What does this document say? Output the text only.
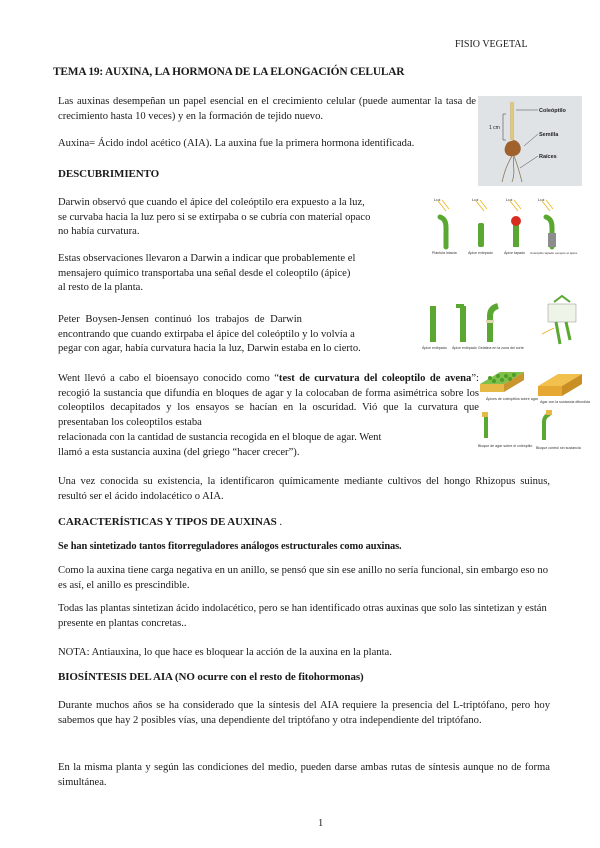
FISIO VEGETAL
TEMA 19: AUXINA, LA HORMONA DE LA ELONGACIÓN CELULAR

Las auxinas desempeñan un papel esencial en el crecimiento celular (puede aumentar la tasa de crecimiento hasta 10 veces) y en la formación de tejido nuevo.

Auxina= Ácido indol acético (AIA). La auxina fue la primera hormona identificada.

1 cm
Coleóptilo
Semilla
Raíces
DESCUBRIMIENTO

Darwin observó que cuando el ápice del coleóptilo era expuesto a la luz,
se curvaba hacia la luz pero si se extirpaba o se cubría con material opaco
no había curvatura.

Estas observaciones llevaron a Darwin a indicar que probablemente el
mensajero químico transportaba una señal desde el coleoptilo (ápice)
al resto de la planta.

Luz	Luz	Luz	Luz
Plántula intacta	Ápice extirpado	Ápice tapado Coleóptilo tapado excepto el ápice

Peter Boysen-Jensen continuó los trabajos de Darwin
encontrando que cuando extirpaba el ápice del coleóptilo y lo volvía a
pegar con agar, había curvatura hacia la luz, Darwin estaba en lo cierto.	Ápice extirpado Ápice extirpado Gelatina en la zona del corte

Went llevó a cabo el bioensayo conocido como “test de curvatura del coleoptilo de avena”: recogió la sustancia que difundía en bloques de agar y la colocaban de forma asimétrica sobre los coleoptilos decapitados y los ensayos se hacían en la oscuridad. Vió que la curvatura que presentaban los coleoptilos estaba

relacionada con la cantidad de sustancia recogida en el bloque de agar. Went
llamó a esta sustancia auxina (del griego “hacer crecer”).

Ápices de coleóptilos sobre agar
Agar con la sustancia difundida
Bloque de agar sobre el coleóptilo Bloque control sin sustancia

Una vez conocida su existencia, la identificaron químicamente mediante cultivos del hongo Rhizopus suinus, resultó ser el ácido indolacético o AIA.

CARACTERÍSTICAS Y TIPOS DE AUXINAS .
Se han sintetizado tantos fitorreguladores análogos estructurales como auxinas.

Como la auxina tiene carga negativa en un anillo, se pensó que sin ese anillo no sería funcional, sin embargo eso no es así, el anillo es prescindible.

Todas las plantas sintetizan ácido indolacético, pero se han identificado otras auxinas que solo las sintetizan y están presente en plantas concretas..

NOTA: Antiauxina, lo que hace es bloquear la acción de la auxina en la planta.

BIOSÍNTESIS DEL AIA (NO ocurre con el resto de fitohormonas)

Durante muchos años se ha considerado que la síntesis del AIA requiere la presencia del L-triptófano, pero hoy sabemos que hay 2 posibles vías, una dependiente del triptófano y otra independiente del triptófano.

En la misma planta y según las condiciones del medio, pueden darse ambas rutas de síntesis aunque no de forma simultánea.

1
